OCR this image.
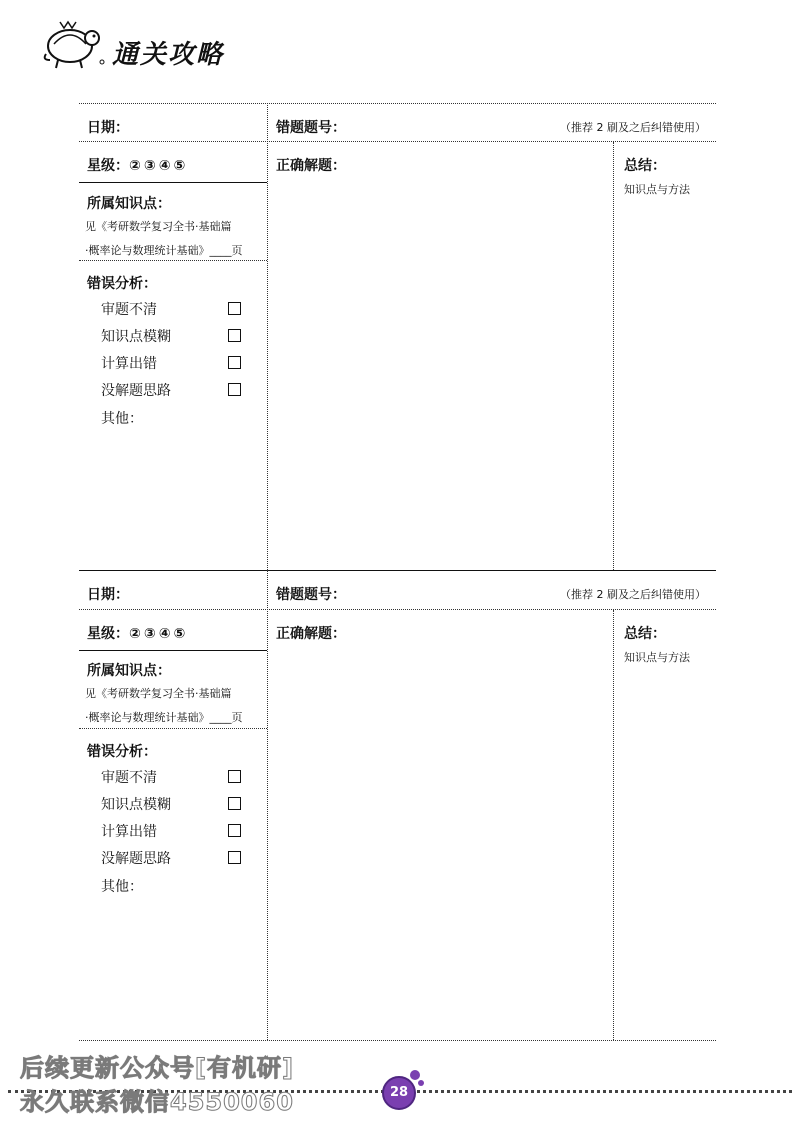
通关攻略
日期：	错题题号：	（推荐 2 刷及之后纠错使用）
星级：②③④⑤	正确解题：	总结：
知识点与方法
所属知识点：
见《考研数学复习全书·基础篇
·概率论与数理统计基础》____页
错误分析：
审题不清
知识点模糊
计算出错
没解题思路
其他：
日期：	错题题号：	（推荐 2 刷及之后纠错使用）
星级：②③④⑤	正确解题：	总结：
知识点与方法
所属知识点：
见《考研数学复习全书·基础篇
·概率论与数理统计基础》____页
错误分析：
审题不清
知识点模糊
计算出错
没解题思路
其他：
28
后续更新公众号[有机研]
永久联系微信4550060
